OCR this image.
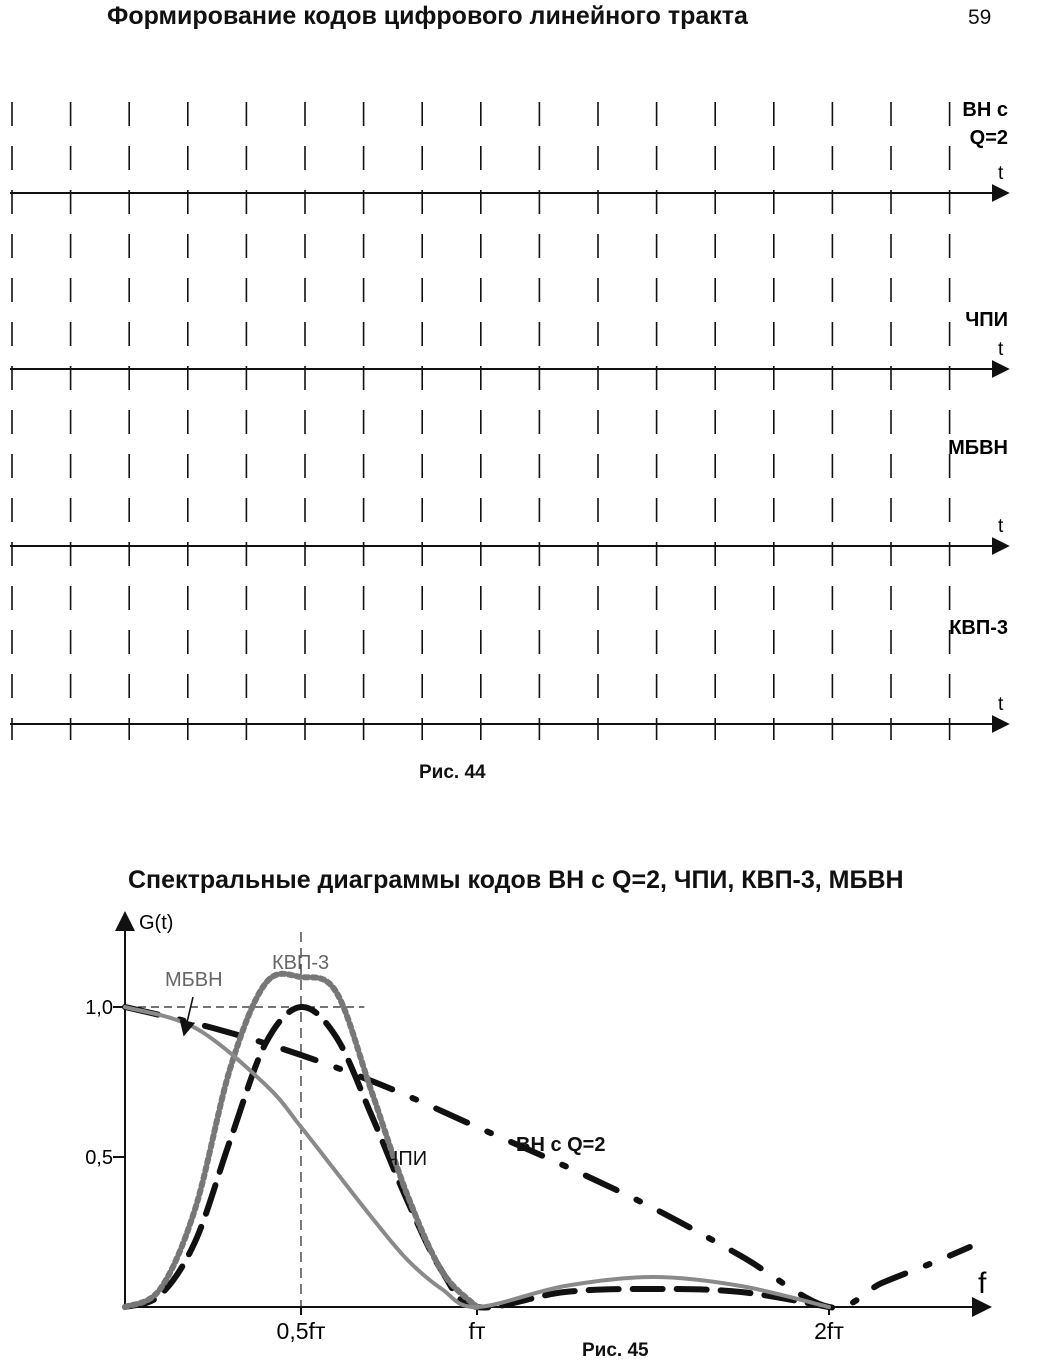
Формирование кодов цифрового линейного тракта	59
t
ВН с
Q=2
t
ЧПИ
t
МБВН
t
КВП-3
Рис. 44
Спектральные диаграммы кодов ВН с Q=2, ЧПИ, КВП-3, МБВН
G(t)
f
1,0
0,5
0,5fт	fт	2fт
ВН с Q=2
ЧПИ
КВП-3
МБВН
Рис. 45
